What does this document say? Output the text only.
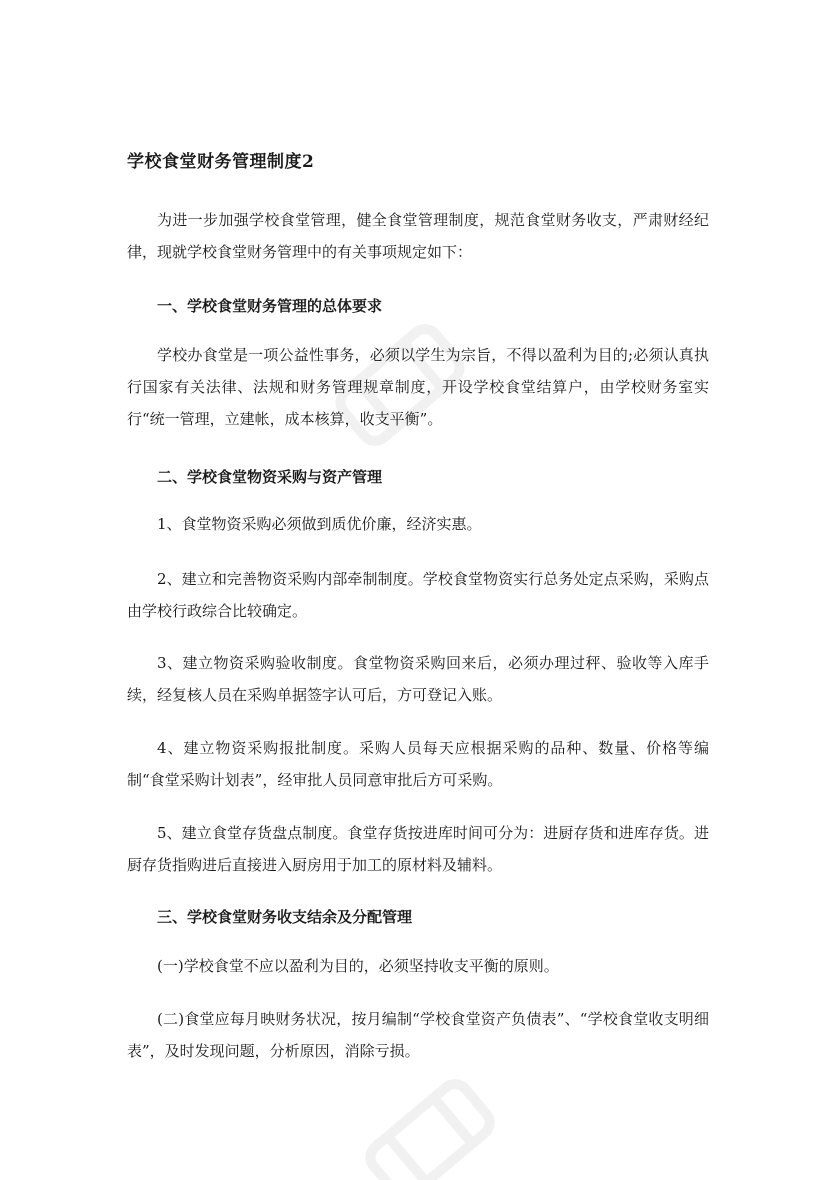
学校食堂财务管理制度2
为进一步加强学校食堂管理，健全食堂管理制度，规范食堂财务收支，严肃财经纪律，现就学校食堂财务管理中的有关事项规定如下：
一、学校食堂财务管理的总体要求
学校办食堂是一项公益性事务，必须以学生为宗旨，不得以盈利为目的;必须认真执行国家有关法律、法规和财务管理规章制度，开设学校食堂结算户，由学校财务室实行“统一管理，立建帐，成本核算，收支平衡”。
二、学校食堂物资采购与资产管理
1、食堂物资采购必须做到质优价廉，经济实惠。
2、建立和完善物资采购内部牵制制度。学校食堂物资实行总务处定点采购，采购点由学校行政综合比较确定。
3、建立物资采购验收制度。食堂物资采购回来后，必须办理过秤、验收等入库手续，经复核人员在采购单据签字认可后，方可登记入账。
4、建立物资采购报批制度。采购人员每天应根据采购的品种、数量、价格等编制“食堂采购计划表”，经审批人员同意审批后方可采购。
5、建立食堂存货盘点制度。食堂存货按进库时间可分为：进厨存货和进库存货。进厨存货指购进后直接进入厨房用于加工的原材料及辅料。
三、学校食堂财务收支结余及分配管理
(一)学校食堂不应以盈利为目的，必须坚持收支平衡的原则。
(二)食堂应每月映财务状况，按月编制“学校食堂资产负债表”、“学校食堂收支明细表”，及时发现问题，分析原因，消除亏损。
